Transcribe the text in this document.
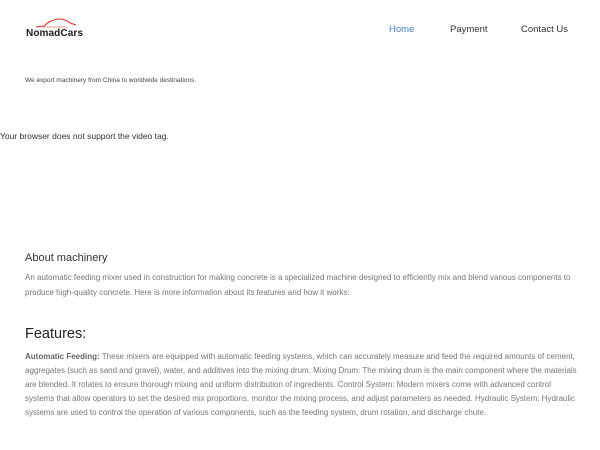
NomadCars	Home	Payment	Contact Us

We export machinery from China to worldwide destinations.

Your browser does not support the video tag.
About machinery

An automatic feeding mixer used in construction for making concrete is a specialized machine designed to efficiently mix and blend various components to produce high-quality concrete. Here is more information about its features and how it works:

Features:

Automatic Feeding: These mixers are equipped with automatic feeding systems, which can accurately measure and feed the required amounts of cement, aggregates (such as sand and gravel), water, and additives into the mixing drum. Mixing Drum: The mixing drum is the main component where the materials are blended. It rotates to ensure thorough mixing and uniform distribution of ingredients. Control System: Modern mixers come with advanced control systems that allow operators to set the desired mix proportions, monitor the mixing process, and adjust parameters as needed. Hydraulic System: Hydraulic systems are used to control the operation of various components, such as the feeding system, drum rotation, and discharge chute.
